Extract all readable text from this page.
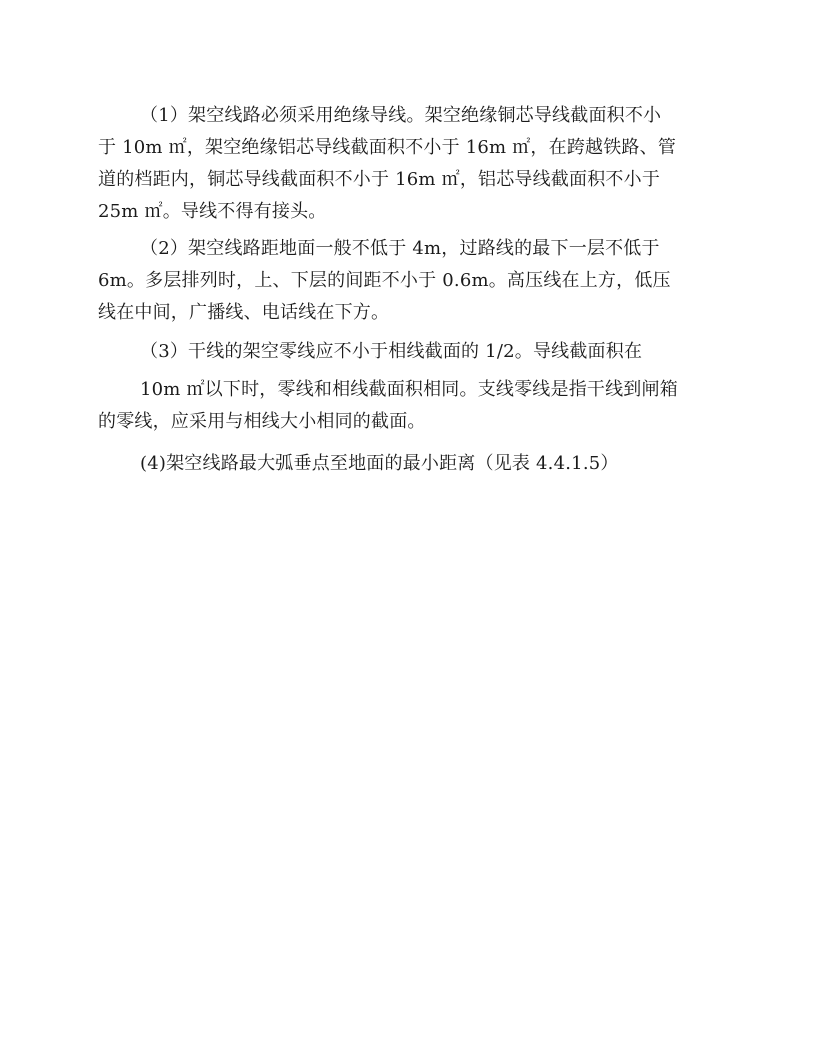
（1）架空线路必须采用绝缘导线。架空绝缘铜芯导线截面积不小
于 10m ㎡，架空绝缘铝芯导线截面积不小于 16m ㎡，在跨越铁路、管
道的档距内，铜芯导线截面积不小于 16m ㎡，铝芯导线截面积不小于
25m ㎡。导线不得有接头。
（2）架空线路距地面一般不低于 4m，过路线的最下一层不低于
6m。多层排列时，上、下层的间距不小于 0.6m。高压线在上方，低压
线在中间，广播线、电话线在下方。
（3）干线的架空零线应不小于相线截面的 1/2。导线截面积在
10m ㎡以下时，零线和相线截面积相同。支线零线是指干线到闸箱
的零线，应采用与相线大小相同的截面。
(4)架空线路最大弧垂点至地面的最小距离（见表 4.4.1.5）
